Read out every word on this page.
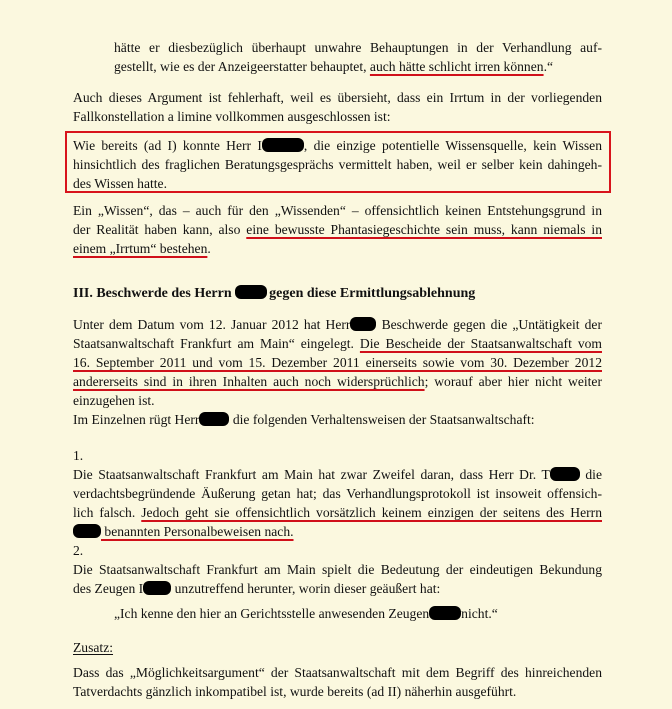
hätte er diesbezüglich überhaupt unwahre Behauptungen in der Verhandlung auf-
gestellt, wie es der Anzeigeerstatter behauptet, auch hätte schlicht irren können.“
Auch dieses Argument ist fehlerhaft, weil es übersieht, dass ein Irrtum in der vorliegenden
Fallkonstellation a limine vollkommen ausgeschlossen ist:
Wie bereits (ad I) konnte Herr I	, die einzige potentielle Wissensquelle, kein Wissen
hinsichtlich des fraglichen Beratungsgesprächs vermittelt haben, weil er selber kein dahingeh-
des Wissen hatte.
Ein „Wissen“, das – auch für den „Wissenden“ – offensichtlich keinen Entstehungsgrund in
der Realität haben kann, also eine bewusste Phantasiegeschichte sein muss, kann niemals in
einem „Irrtum“ bestehen.
III. Beschwerde des Herrn gegen diese Ermittlungsablehnung
Unter dem Datum vom 12. Januar 2012 hat Herr Beschwerde gegen die „Untätigkeit der
Staatsanwaltschaft Frankfurt am Main“ eingelegt. Die Bescheide der Staatsanwaltschaft vom
16. September 2011 und vom 15. Dezember 2011 einerseits sowie vom 30. Dezember 2012
andererseits sind in ihren Inhalten auch noch widersprüchlich; worauf aber hier nicht weiter
einzugehen ist.
Im Einzelnen rügt Herr die folgenden Verhaltensweisen der Staatsanwaltschaft:
1.
Die Staatsanwaltschaft Frankfurt am Main hat zwar Zweifel daran, dass Herr Dr. T die
verdachtsbegründende Äußerung getan hat; das Verhandlungsprotokoll ist insoweit offensich-
lich falsch. Jedoch geht sie offensichtlich vorsätzlich keinem einzigen der seitens des Herrn
benannten Personalbeweisen nach.
2.
Die Staatsanwaltschaft Frankfurt am Main spielt die Bedeutung der eindeutigen Bekundung
des Zeugen I unzutreffend herunter, worin dieser geäußert hat:
„Ich kenne den hier an Gerichtsstelle anwesenden Zeugen nicht.“
Zusatz:
Dass das „Möglichkeitsargument“ der Staatsanwaltschaft mit dem Begriff des hinreichenden
Tatverdachts gänzlich inkompatibel ist, wurde bereits (ad II) näherhin ausgeführt.
